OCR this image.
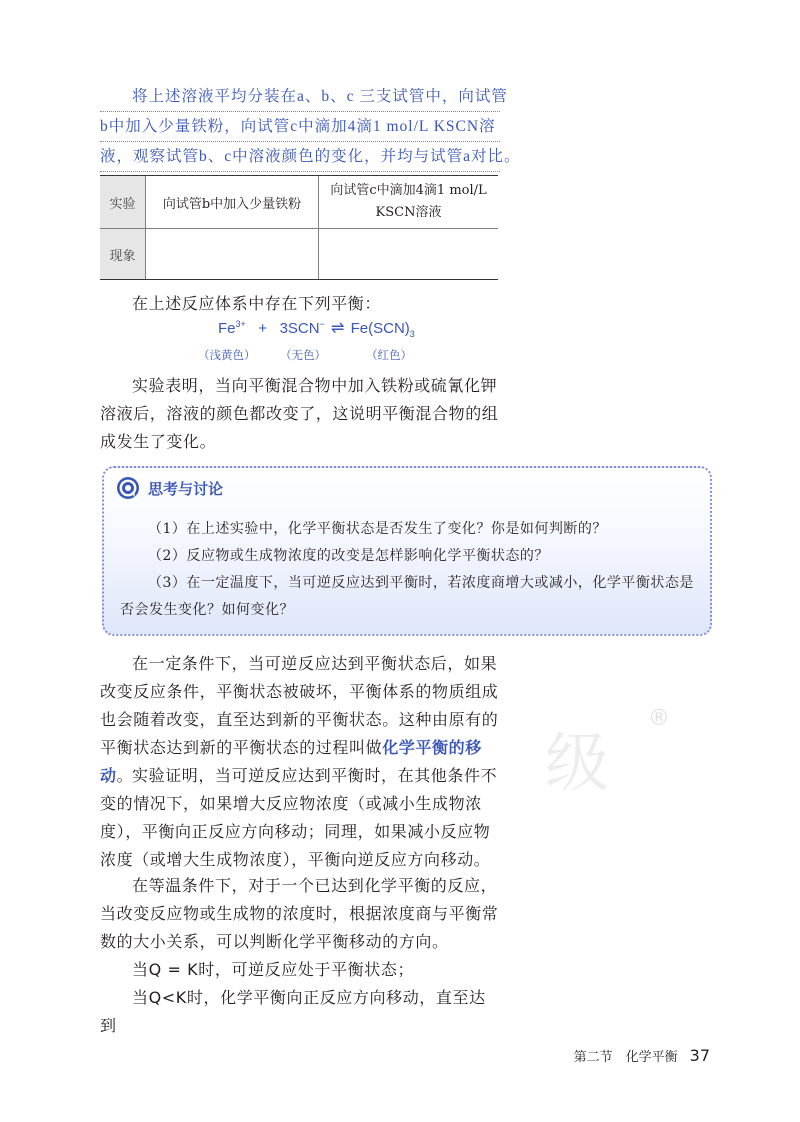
将上述溶液平均分装在a、b、c 三支试管中，向试管
b中加入少量铁粉，向试管c中滴加4滴1 mol/L KSCN溶
液，观察试管b、c中溶液颜色的变化，并均与试管a对比。
实验	向试管b中加入少量铁粉	向试管c中滴加4滴1 mol/L
KSCN溶液
现象		

在上述反应体系中存在下列平衡：

$Fe^{3+} + 3SCN^-$ ⇌ $Fe(SCN)_3$
（浅黄色） （无色）	（红色）

实验表明，当向平衡混合物中加入铁粉或硫氰化钾溶液后，溶液的颜色都改变了，这说明平衡混合物的组成发生了变化。

思考与讨论

（1）在上述实验中，化学平衡状态是否发生了变化？你是如何判断的？

（2）反应物或生成物浓度的改变是怎样影响化学平衡状态的？

（3）在一定温度下，当可逆反应达到平衡时，若浓度商增大或减小，化学平衡状态是否会发生变化？如何变化？

级
®

在一定条件下，当可逆反应达到平衡状态后，如果改变反应条件，平衡状态被破坏，平衡体系的物质组成也会随着改变，直至达到新的平衡状态。这种由原有的平衡状态达到新的平衡状态的过程叫做化学平衡的移动。

实验证明，当可逆反应达到平衡时，在其他条件不变的情况下，如果增大反应物浓度（或减小生成物浓度），平衡向正反应方向移动；同理，如果减小反应物浓度（或增大生成物浓度），平衡向逆反应方向移动。

在等温条件下，对于一个已达到化学平衡的反应，当改变反应物或生成物的浓度时，根据浓度商与平衡常数的大小关系，可以判断化学平衡移动的方向。

当Q = K时，可逆反应处于平衡状态；

当Q<K时，化学平衡向正反应方向移动，直至达到

第二节　化学平衡 37
